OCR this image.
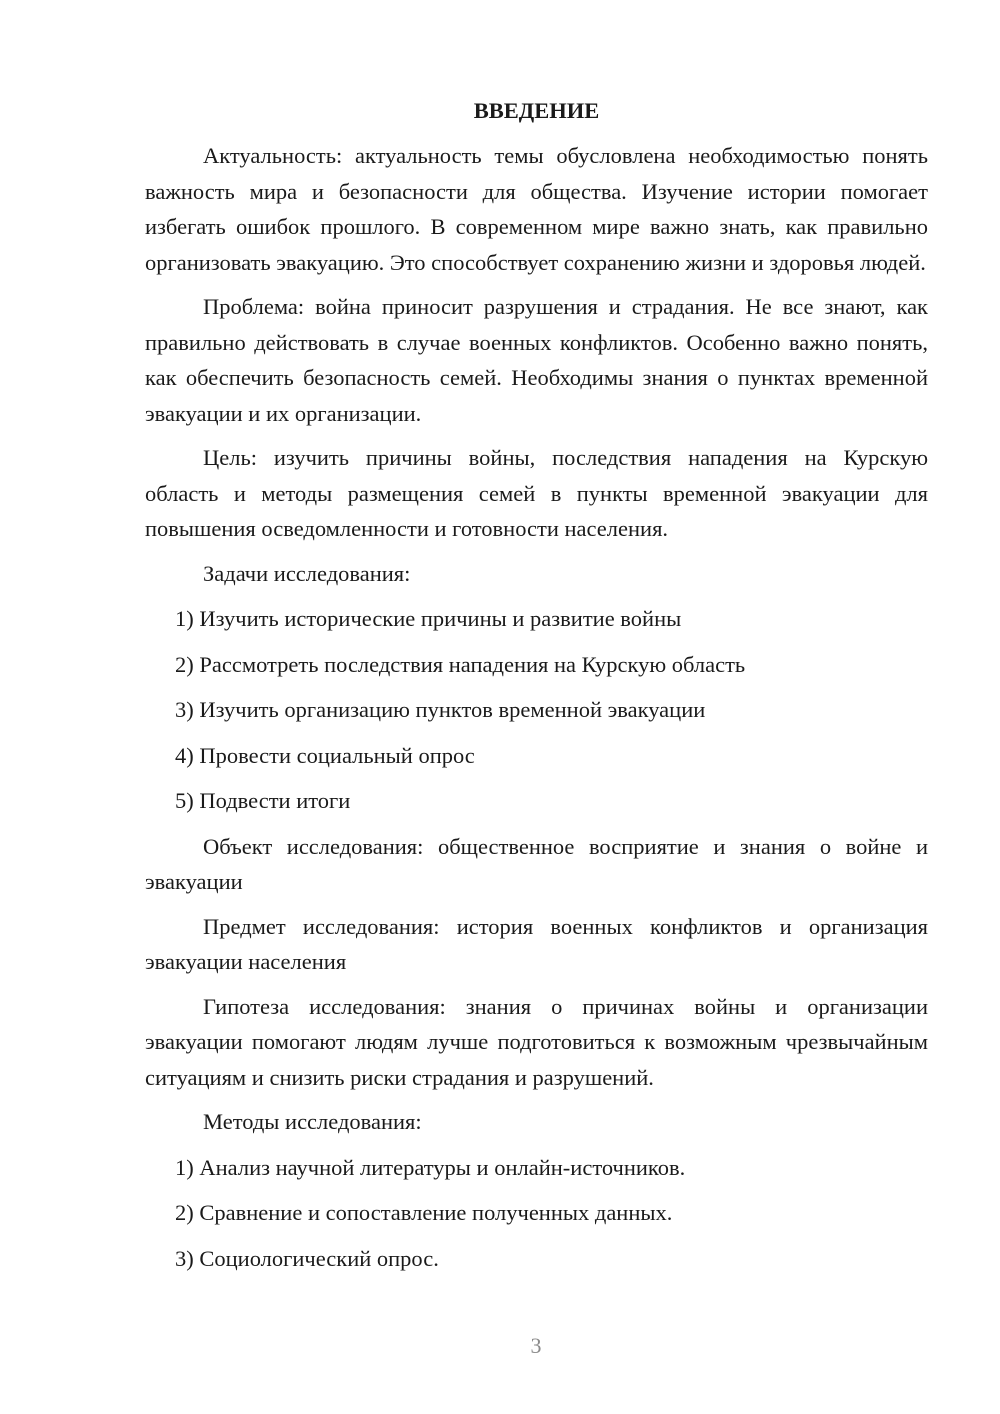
ВВЕДЕНИЕ

Актуальность: актуальность темы обусловлена необходимостью понять важность мира и безопасности для общества. Изучение истории помогает избегать ошибок прошлого. В современном мире важно знать, как правильно организовать эвакуацию. Это способствует сохранению жизни и здоровья людей.

Проблема: война приносит разрушения и страдания. Не все знают, как правильно действовать в случае военных конфликтов. Особенно важно понять, как обеспечить безопасность семей. Необходимы знания о пунктах временной эвакуации и их организации.

Цель: изучить причины войны, последствия нападения на Курскую область и методы размещения семей в пункты временной эвакуации для повышения осведомленности и готовности населения.

Задачи исследования:

1) Изучить исторические причины и развитие войны
2) Рассмотреть последствия нападения на Курскую область
3) Изучить организацию пунктов временной эвакуации
4) Провести социальный опрос
5) Подвести итоги

Объект исследования: общественное восприятие и знания о войне и эвакуации

Предмет исследования: история военных конфликтов и организация эвакуации населения

Гипотеза исследования: знания о причинах войны и организации эвакуации помогают людям лучше подготовиться к возможным чрезвычайным ситуациям и снизить риски страдания и разрушений.

Методы исследования:

1) Анализ научной литературы и онлайн-источников.
2) Сравнение и сопоставление полученных данных.
3) Социологический опрос.
3
